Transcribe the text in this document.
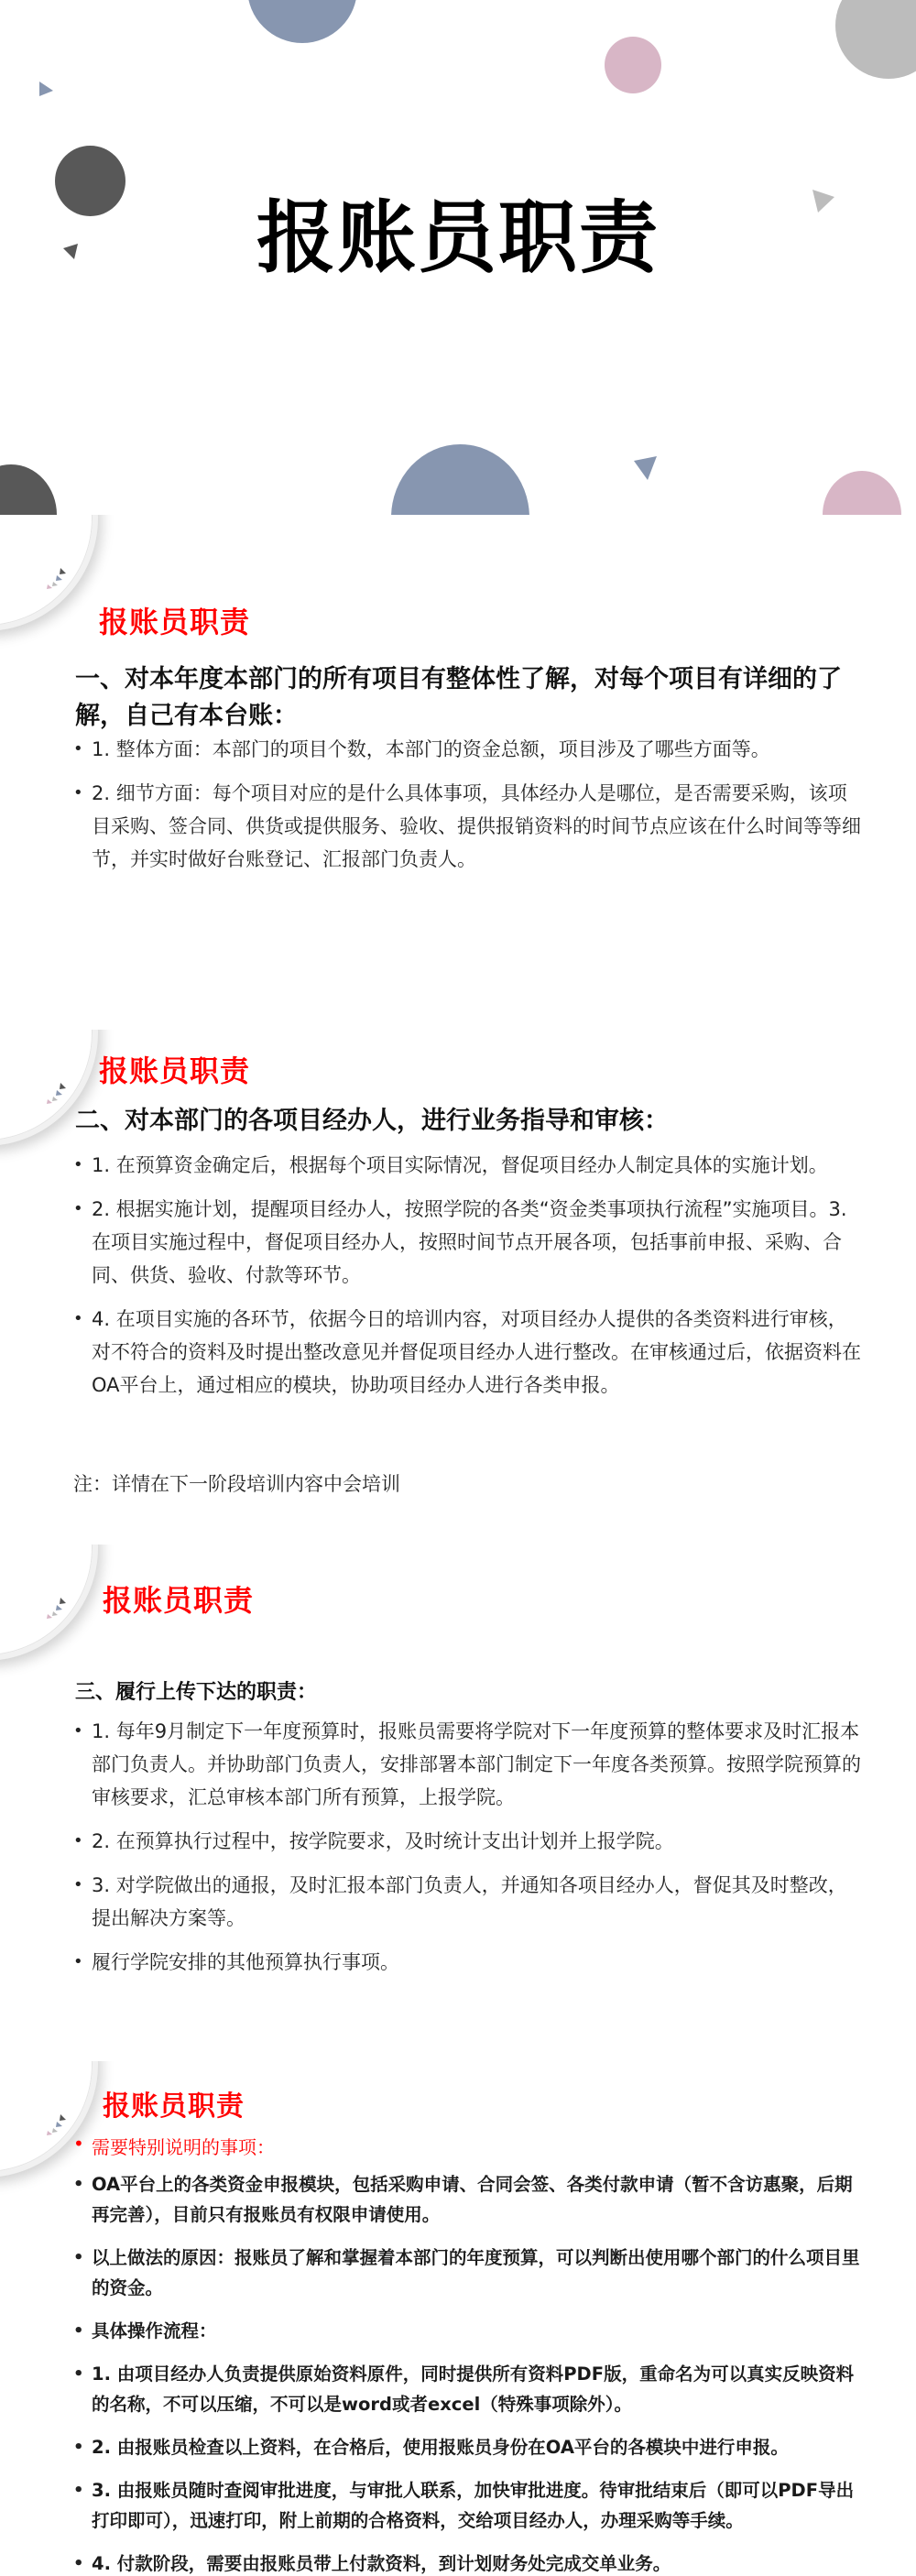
报账员职责
报账员职责
一、对本年度本部门的所有项目有整体性了解，对每个项目有详细的了解，自己有本台账：
• 1. 整体方面：本部门的项目个数，本部门的资金总额，项目涉及了哪些方面等。
• 2. 细节方面：每个项目对应的是什么具体事项，具体经办人是哪位，是否需要采购，该项目采购、签合同、供货或提供服务、验收、提供报销资料的时间节点应该在什么时间等等细节，并实时做好台账登记、汇报部门负责人。
报账员职责
二、对本部门的各项目经办人，进行业务指导和审核：
• 1. 在预算资金确定后，根据每个项目实际情况，督促项目经办人制定具体的实施计划。
• 2. 根据实施计划，提醒项目经办人，按照学院的各类“资金类事项执行流程”实施项目。3. 在项目实施过程中，督促项目经办人，按照时间节点开展各项，包括事前申报、采购、合同、供货、验收、付款等环节。
• 4. 在项目实施的各环节，依据今日的培训内容，对项目经办人提供的各类资料进行审核，对不符合的资料及时提出整改意见并督促项目经办人进行整改。在审核通过后，依据资料在OA平台上，通过相应的模块，协助项目经办人进行各类申报。
注：详情在下一阶段培训内容中会培训
报账员职责
三、履行上传下达的职责：
• 1. 每年9月制定下一年度预算时，报账员需要将学院对下一年度预算的整体要求及时汇报本部门负责人。并协助部门负责人，安排部署本部门制定下一年度各类预算。按照学院预算的审核要求，汇总审核本部门所有预算，上报学院。
• 2. 在预算执行过程中，按学院要求，及时统计支出计划并上报学院。
• 3. 对学院做出的通报，及时汇报本部门负责人，并通知各项目经办人，督促其及时整改，提出解决方案等。
• 履行学院安排的其他预算执行事项。
报账员职责
• 需要特别说明的事项：
• OA平台上的各类资金申报模块，包括采购申请、合同会签、各类付款申请（暂不含访惠聚，后期再完善），目前只有报账员有权限申请使用。
• 以上做法的原因：报账员了解和掌握着本部门的年度预算，可以判断出使用哪个部门的什么项目里的资金。
• 具体操作流程：
• 1. 由项目经办人负责提供原始资料原件，同时提供所有资料PDF版，重命名为可以真实反映资料的名称，不可以压缩，不可以是word或者excel（特殊事项除外）。
• 2. 由报账员检查以上资料，在合格后，使用报账员身份在OA平台的各模块中进行申报。
• 3. 由报账员随时查阅审批进度，与审批人联系，加快审批进度。待审批结束后（即可以PDF导出打印即可），迅速打印，附上前期的合格资料，交给项目经办人，办理采购等手续。
• 4. 付款阶段，需要由报账员带上付款资料，到计划财务处完成交单业务。
